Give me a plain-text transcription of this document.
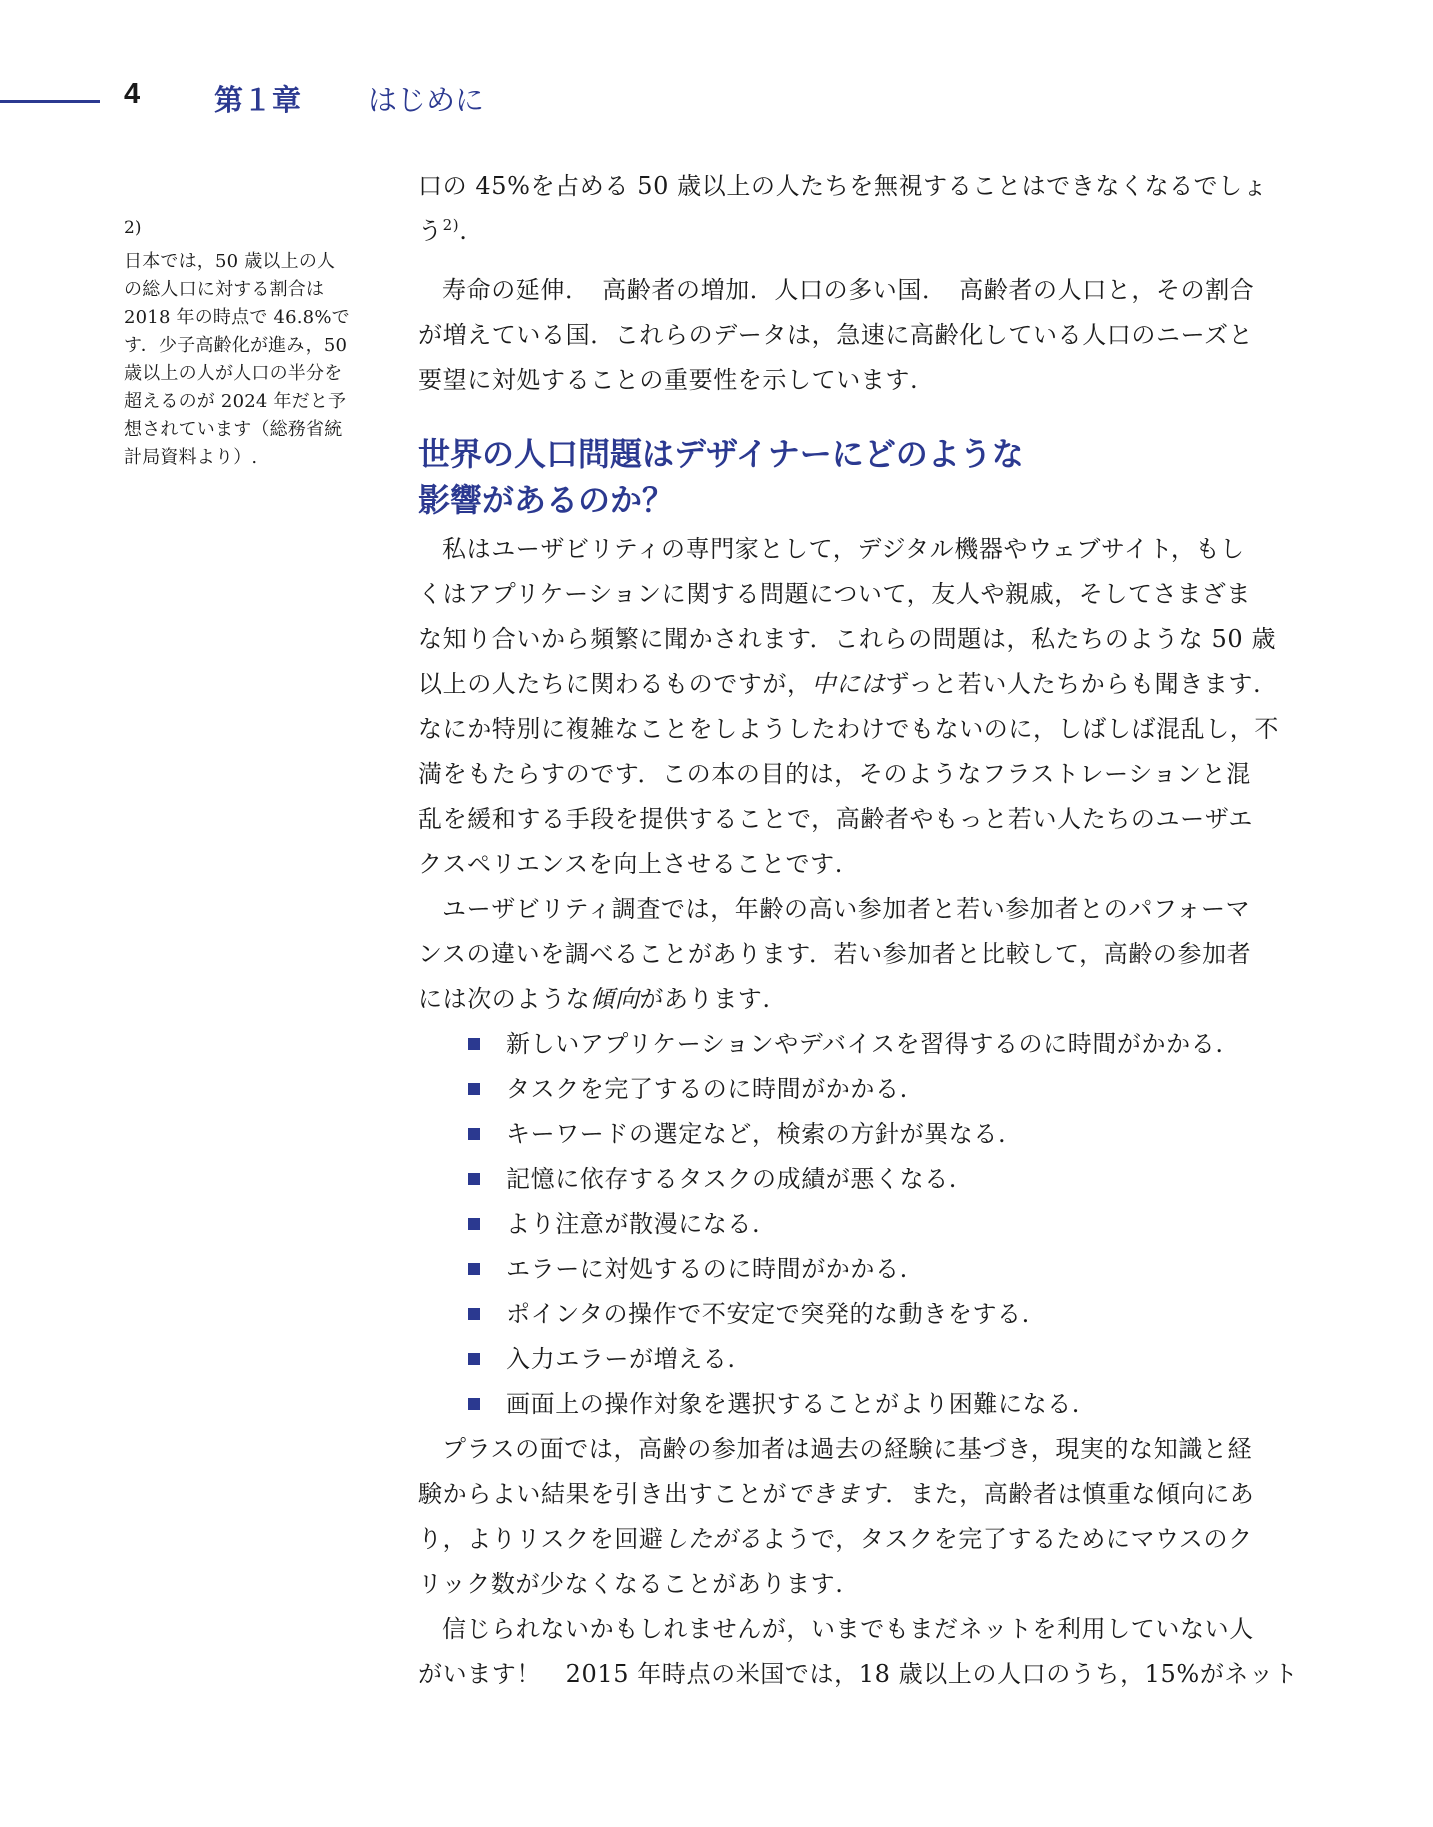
4	第１章 はじめに
2)
日本では，50 歳以上の人
の総人口に対する割合は
2018 年の時点で 46.8%で
す．少子高齢化が進み，50
歳以上の人が人口の半分を
超えるのが 2024 年だと予
想されています（総務省統
計局資料より）.
口の 45%を占める 50 歳以上の人たちを無視することはできなくなるでしょ
う$^{2)}$.
寿命の延伸．　高齢者の増加．人口の多い国．　高齢者の人口と，その割合
が増えている国．これらのデータは，急速に高齢化している人口のニーズと
要望に対処することの重要性を示しています.
世界の人口問題はデザイナーにどのような
影響があるのか？
私はユーザビリティの専門家として，デジタル機器やウェブサイト，もし
くはアプリケーションに関する問題について，友人や親戚，そしてさまざま
な知り合いから頻繁に聞かされます．これらの問題は，私たちのような 50 歳
以上の人たちに関わるものですが，中にはずっと若い人たちからも聞きます.
なにか特別に複雑なことをしようしたわけでもないのに，しばしば混乱し，不
満をもたらすのです．この本の目的は，そのようなフラストレーションと混
乱を緩和する手段を提供することで，高齢者やもっと若い人たちのユーザエ
クスペリエンスを向上させることです.
ユーザビリティ調査では，年齢の高い参加者と若い参加者とのパフォーマ
ンスの違いを調べることがあります．若い参加者と比較して，高齢の参加者
には次のような傾向があります.
新しいアプリケーションやデバイスを習得するのに時間がかかる.
タスクを完了するのに時間がかかる.
キーワードの選定など，検索の方針が異なる.
記憶に依存するタスクの成績が悪くなる.
より注意が散漫になる.
エラーに対処するのに時間がかかる.
ポインタの操作で不安定で突発的な動きをする.
入力エラーが増える.
画面上の操作対象を選択することがより困難になる.
プラスの面では，高齢の参加者は過去の経験に基づき，現実的な知識と経
験からよい結果を引き出すことができます．また，高齢者は慎重な傾向にあ
り，よりリスクを回避したがるようで，タスクを完了するためにマウスのク
リック数が少なくなることがあります.
信じられないかもしれませんが，いまでもまだネットを利用していない人
がいます！　2015 年時点の米国では，18 歳以上の人口のうち，15%がネット
